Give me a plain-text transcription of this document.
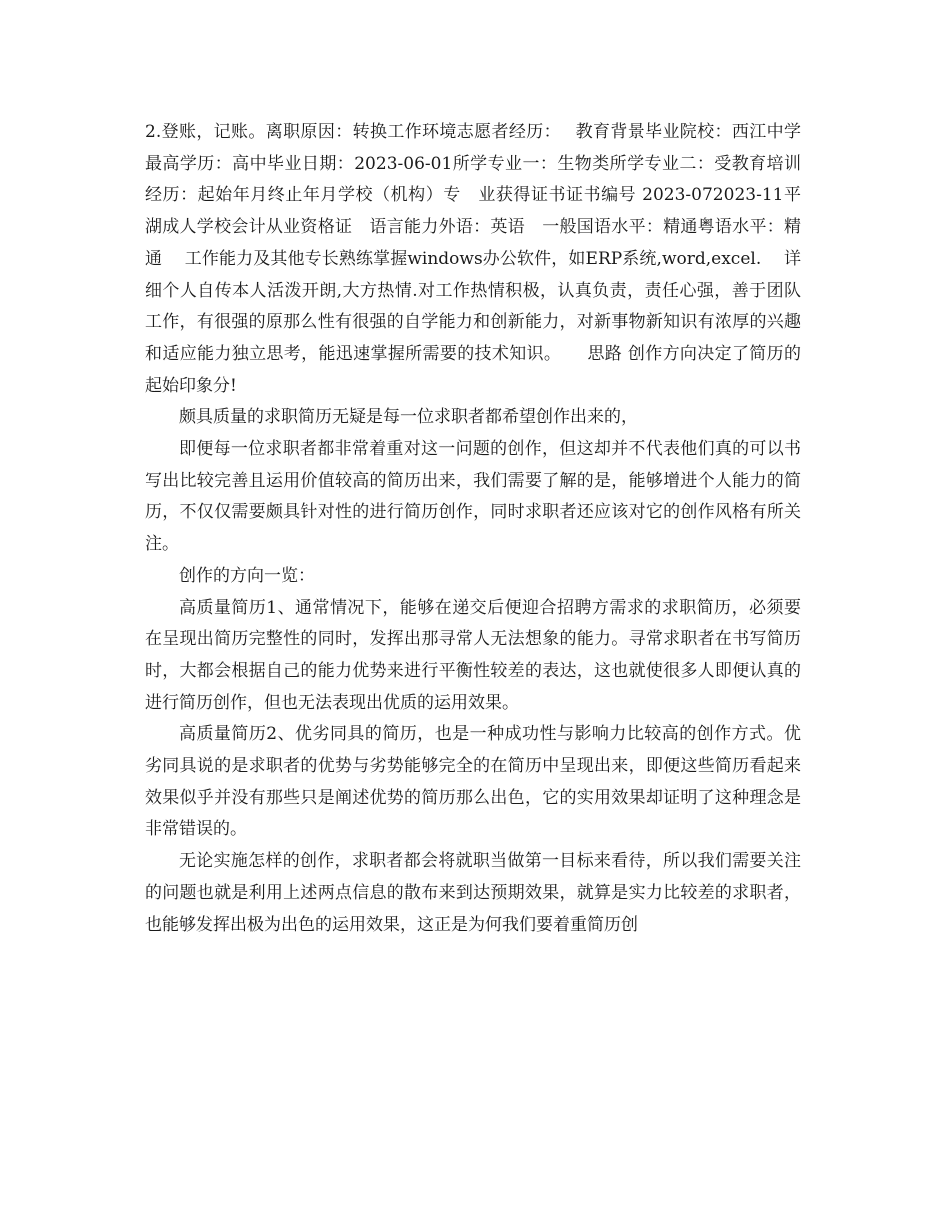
2.登账，记账。离职原因：转换工作环境志愿者经历：　 教育背景毕业院校：西江中学最高学历：高中毕业日期：2023-06-01所学专业一：生物类所学专业二：受教育培训经历：起始年月终止年月学校（机构）专　业获得证书证书编号 2023-072023-11平湖成人学校会计从业资格证　语言能力外语：英语　一般国语水平：精通粤语水平：精通　 工作能力及其他专长熟练掌握windows办公软件，如ERP系统,word,excel.　 详细个人自传本人活泼开朗,大方热情.对工作热情积极，认真负责，责任心强，善于团队工作，有很强的原那么性有很强的自学能力和创新能力，对新事物新知识有浓厚的兴趣和适应能力独立思考，能迅速掌握所需要的技术知识。　　思路 创作方向决定了简历的起始印象分!

颇具质量的求职简历无疑是每一位求职者都希望创作出来的，

即便每一位求职者都非常着重对这一问题的创作，但这却并不代表他们真的可以书写出比较完善且运用价值较高的简历出来，我们需要了解的是，能够增进个人能力的简历，不仅仅需要颇具针对性的进行简历创作，同时求职者还应该对它的创作风格有所关注。

创作的方向一览：

高质量简历1、通常情况下，能够在递交后便迎合招聘方需求的求职简历，必须要在呈现出简历完整性的同时，发挥出那寻常人无法想象的能力。寻常求职者在书写简历时，大都会根据自己的能力优势来进行平衡性较差的表达，这也就使很多人即便认真的进行简历创作，但也无法表现出优质的运用效果。

高质量简历2、优劣同具的简历，也是一种成功性与影响力比较高的创作方式。优劣同具说的是求职者的优势与劣势能够完全的在简历中呈现出来，即便这些简历看起来效果似乎并没有那些只是阐述优势的简历那么出色，它的实用效果却证明了这种理念是非常错误的。

无论实施怎样的创作，求职者都会将就职当做第一目标来看待，所以我们需要关注的问题也就是利用上述两点信息的散布来到达预期效果，就算是实力比较差的求职者，也能够发挥出极为出色的运用效果，这正是为何我们要着重简历创
